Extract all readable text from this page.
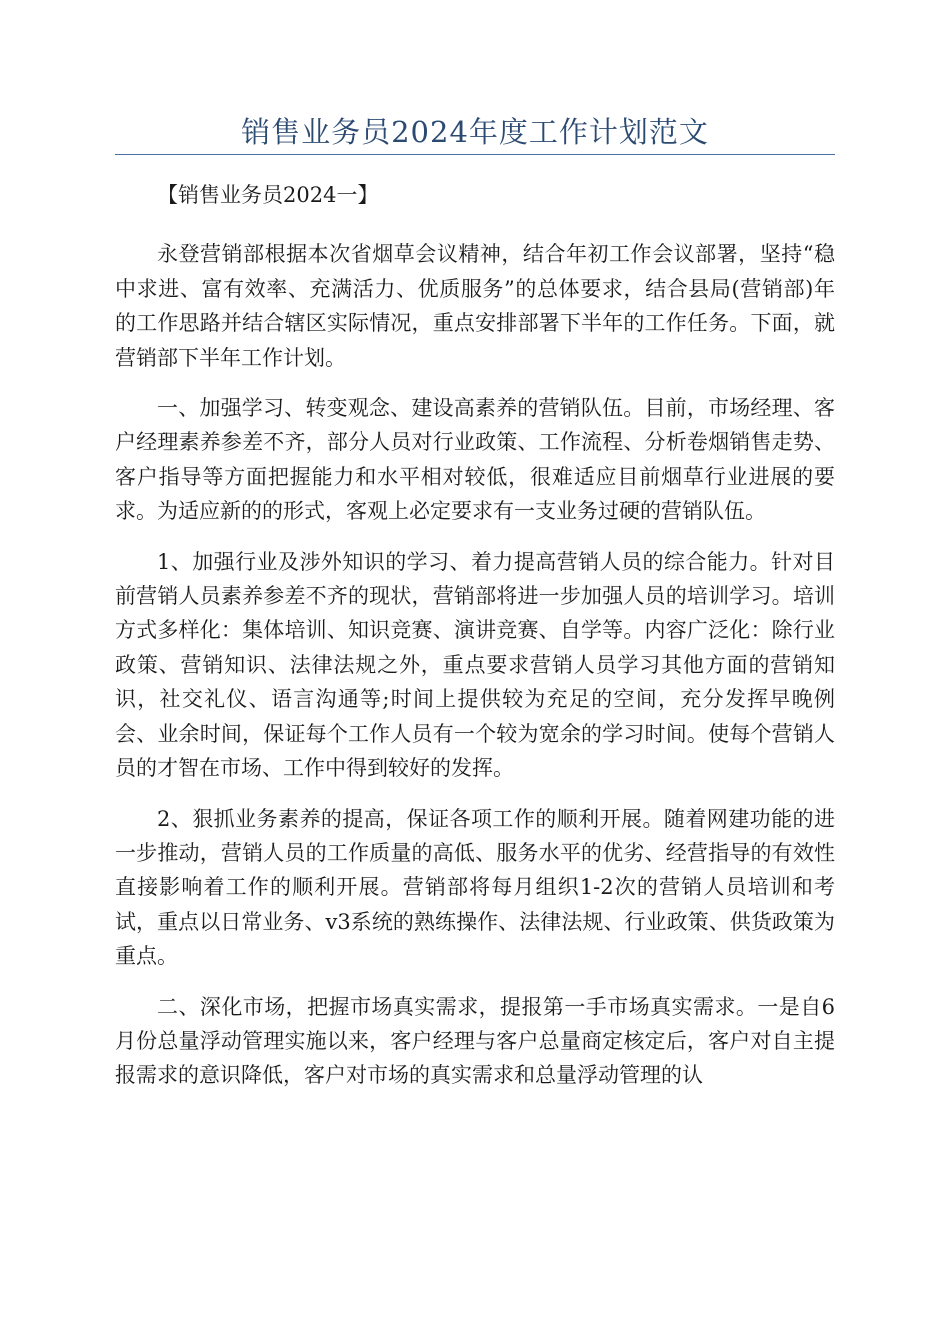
销售业务员2024年度工作计划范文

【销售业务员2024一】

永登营销部根据本次省烟草会议精神，结合年初工作会议部署，坚持“稳中求进、富有效率、充满活力、优质服务”的总体要求，结合县局(营销部)年的工作思路并结合辖区实际情况，重点安排部署下半年的工作任务。下面，就营销部下半年工作计划。

一、加强学习、转变观念、建设高素养的营销队伍。目前，市场经理、客户经理素养参差不齐，部分人员对行业政策、工作流程、分析卷烟销售走势、客户指导等方面把握能力和水平相对较低，很难适应目前烟草行业进展的要求。为适应新的的形式，客观上必定要求有一支业务过硬的营销队伍。

1、加强行业及涉外知识的学习、着力提高营销人员的综合能力。针对目前营销人员素养参差不齐的现状，营销部将进一步加强人员的培训学习。培训方式多样化：集体培训、知识竞赛、演讲竞赛、自学等。内容广泛化：除行业政策、营销知识、法律法规之外，重点要求营销人员学习其他方面的营销知识，社交礼仪、语言沟通等;时间上提供较为充足的空间，充分发挥早晚例会、业余时间，保证每个工作人员有一个较为宽余的学习时间。使每个营销人员的才智在市场、工作中得到较好的发挥。

2、狠抓业务素养的提高，保证各项工作的顺利开展。随着网建功能的进一步推动，营销人员的工作质量的高低、服务水平的优劣、经营指导的有效性直接影响着工作的顺利开展。营销部将每月组织1-2次的营销人员培训和考试，重点以日常业务、v3系统的熟练操作、法律法规、行业政策、供货政策为重点。

二、深化市场，把握市场真实需求，提报第一手市场真实需求。一是自6月份总量浮动管理实施以来，客户经理与客户总量商定核定后，客户对自主提报需求的意识降低，客户对市场的真实需求和总量浮动管理的认
